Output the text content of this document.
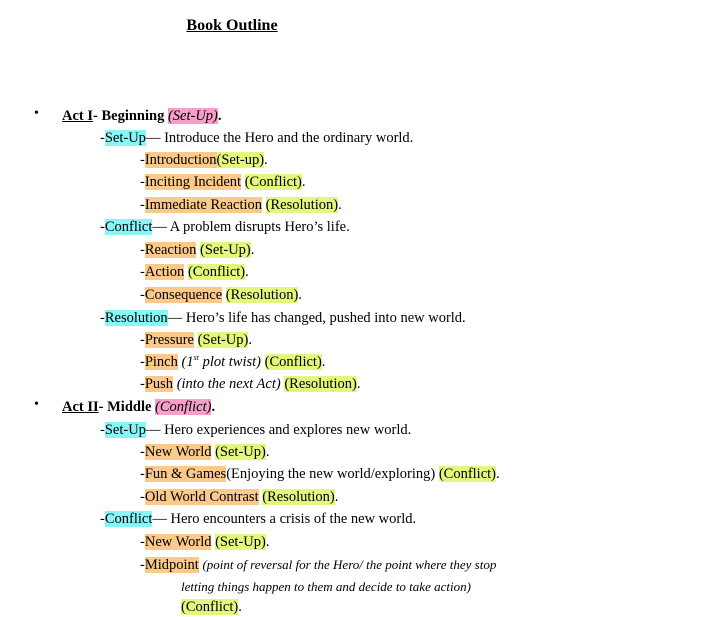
Book Outline
• Act I- Beginning (Set-Up).
-Set-Up— Introduce the Hero and the ordinary world.
-Introduction(Set-up).
-Inciting Incident (Conflict).
-Immediate Reaction (Resolution).
-Conflict— A problem disrupts Hero’s life.
-Reaction (Set-Up).
-Action (Conflict).
-Consequence (Resolution).
-Resolution— Hero’s life has changed, pushed into new world.
-Pressure (Set-Up).
-Pinch (1st plot twist) (Conflict).
-Push (into the next Act) (Resolution).
• Act II- Middle (Conflict).
-Set-Up— Hero experiences and explores new world.
-New World (Set-Up).
-Fun & Games(Enjoying the new world/exploring) (Conflict).
-Old World Contrast (Resolution).
-Conflict— Hero encounters a crisis of the new world.
-New World (Set-Up).
-Midpoint (point of reversal for the Hero/ the point where they stop
letting things happen to them and decide to take action)
(Conflict).
